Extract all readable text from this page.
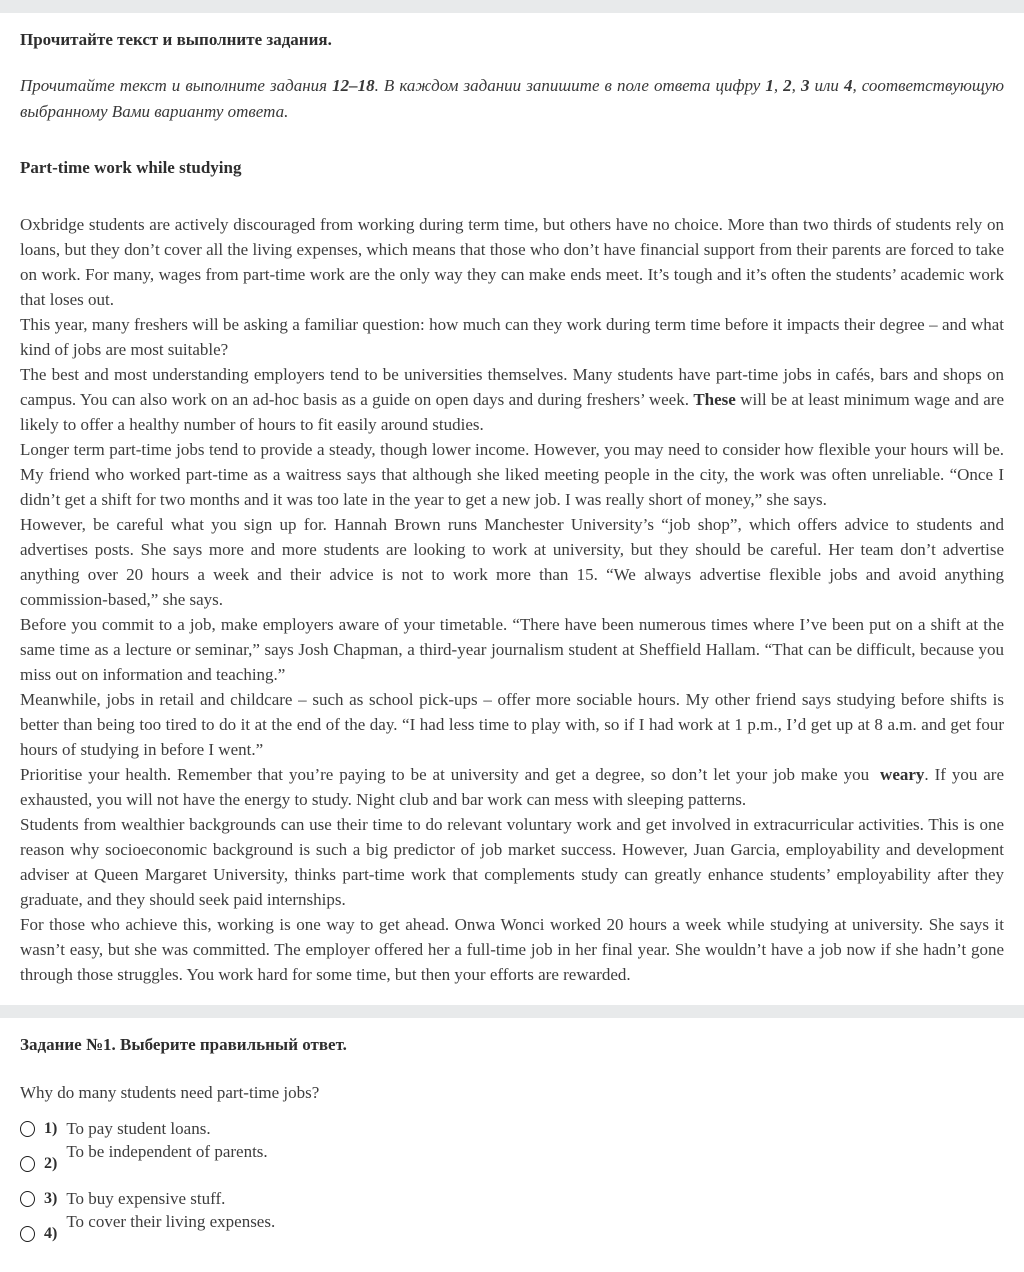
Прочитайте текст и выполните задания.

Прочитайте текст и выполните задания 12–18. В каждом задании запишите в поле ответа цифру 1, 2, 3 или 4, соответствующую выбранному Вами варианту ответа.

Part-time work while studying

Oxbridge students are actively discouraged from working during term time, but others have no choice. More than two thirds of students rely on loans, but they don’t cover all the living expenses, which means that those who don’t have financial support from their parents are forced to take on work. For many, wages from part-time work are the only way they can make ends meet. It’s tough and it’s often the students’ academic work that loses out.

This year, many freshers will be asking a familiar question: how much can they work during term time before it impacts their degree – and what kind of jobs are most suitable?

The best and most understanding employers tend to be universities themselves. Many students have part-time jobs in cafés, bars and shops on campus. You can also work on an ad-hoc basis as a guide on open days and during freshers’ week. These will be at least minimum wage and are likely to offer a healthy number of hours to fit easily around studies.

Longer term part-time jobs tend to provide a steady, though lower income. However, you may need to consider how flexible your hours will be. My friend who worked part-time as a waitress says that although she liked meeting people in the city, the work was often unreliable. “Once I didn’t get a shift for two months and it was too late in the year to get a new job. I was really short of money,” she says.

However, be careful what you sign up for. Hannah Brown runs Manchester University’s “job shop”, which offers advice to students and advertises posts. She says more and more students are looking to work at university, but they should be careful. Her team don’t advertise anything over 20 hours a week and their advice is not to work more than 15. “We always advertise flexible jobs and avoid anything commission-based,” she says.

Before you commit to a job, make employers aware of your timetable. “There have been numerous times where I’ve been put on a shift at the same time as a lecture or seminar,” says Josh Chapman, a third-year journalism student at Sheffield Hallam. “That can be difficult, because you miss out on information and teaching.”

Meanwhile, jobs in retail and childcare – such as school pick-ups – offer more sociable hours. My other friend says studying before shifts is better than being too tired to do it at the end of the day. “I had less time to play with, so if I had work at 1 p.m., I’d get up at 8 a.m. and get four hours of studying in before I went.”

Prioritise your health. Remember that you’re paying to be at university and get a degree, so don’t let your job make you weary. If you are exhausted, you will not have the energy to study. Night club and bar work can mess with sleeping patterns.

Students from wealthier backgrounds can use their time to do relevant voluntary work and get involved in extracurricular activities. This is one reason why socioeconomic background is such a big predictor of job market success. However, Juan Garcia, employability and development adviser at Queen Margaret University, thinks part-time work that complements study can greatly enhance students’ employability after they graduate, and they should seek paid internships.

For those who achieve this, working is one way to get ahead. Onwa Wonci worked 20 hours a week while studying at university. She says it wasn’t easy, but she was committed. The employer offered her a full-time job in her final year. She wouldn’t have a job now if she hadn’t gone through those struggles. You work hard for some time, but then your efforts are rewarded.

Задание №1. Выберите правильный ответ.

Why do many students need part-time jobs?

1) To pay student loans.
2)
To be independent of parents.
3) To buy expensive stuff.
4)
To cover their living expenses.
